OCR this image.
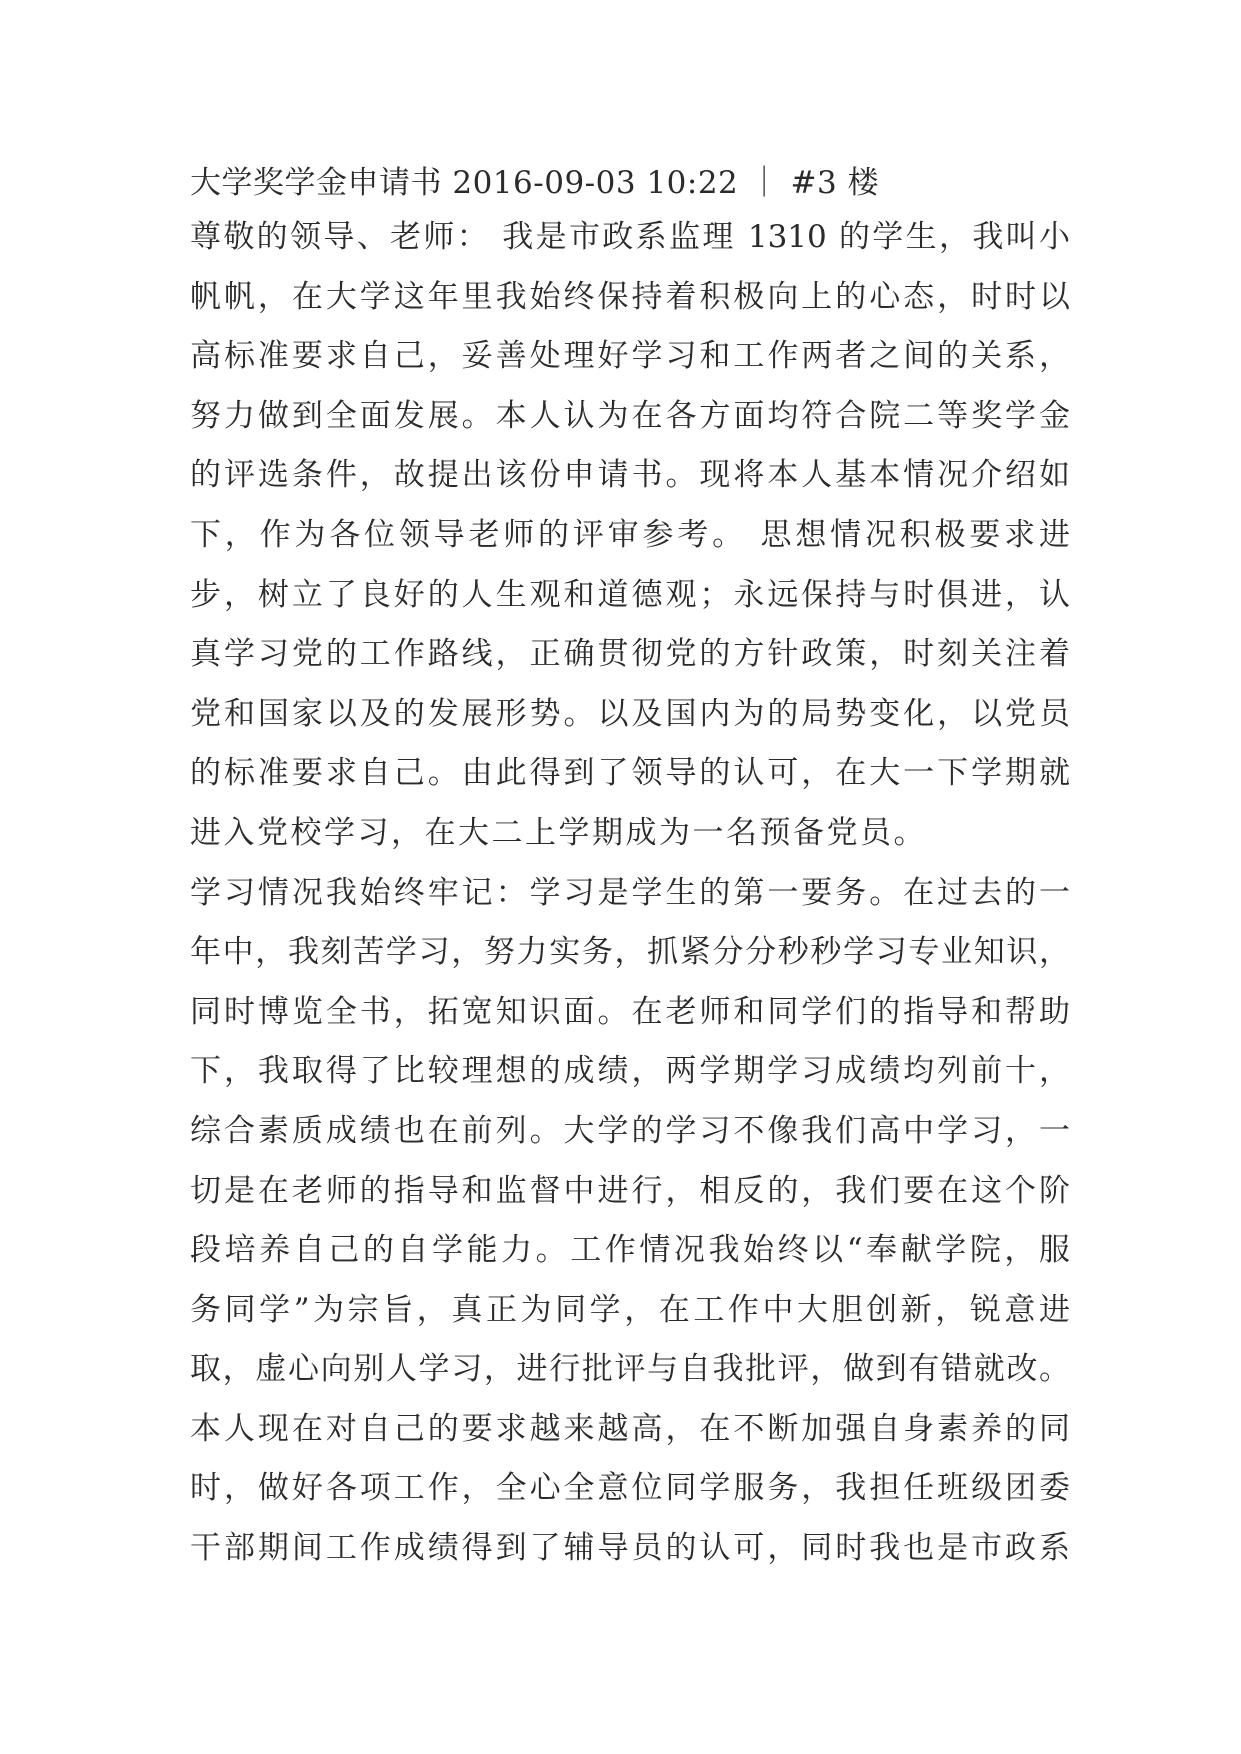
大学奖学金申请书 2016-09-03 10:22 ｜ #3 楼
尊敬的领导、老师： 我是市政系监理 1310 的学生，我叫小
帆帆，在大学这年里我始终保持着积极向上的心态，时时以
高标准要求自己，妥善处理好学习和工作两者之间的关系，
努力做到全面发展。本人认为在各方面均符合院二等奖学金
的评选条件，故提出该份申请书。现将本人基本情况介绍如
下，作为各位领导老师的评审参考。 思想情况积极要求进
步，树立了良好的人生观和道德观；永远保持与时俱进，认
真学习党的工作路线，正确贯彻党的方针政策，时刻关注着
党和国家以及的发展形势。以及国内为的局势变化，以党员
的标准要求自己。由此得到了领导的认可，在大一下学期就
进入党校学习，在大二上学期成为一名预备党员。
学习情况我始终牢记：学习是学生的第一要务。在过去的一
年中，我刻苦学习，努力实务，抓紧分分秒秒学习专业知识，
同时博览全书，拓宽知识面。在老师和同学们的指导和帮助
下，我取得了比较理想的成绩，两学期学习成绩均列前十，
综合素质成绩也在前列。大学的学习不像我们高中学习，一
切是在老师的指导和监督中进行，相反的，我们要在这个阶
段培养自己的自学能力。工作情况我始终以“奉献学院，服
务同学”为宗旨，真正为同学，在工作中大胆创新，锐意进
取，虚心向别人学习，进行批评与自我批评，做到有错就改。
本人现在对自己的要求越来越高，在不断加强自身素养的同
时，做好各项工作，全心全意位同学服务，我担任班级团委
干部期间工作成绩得到了辅导员的认可，同时我也是市政系
